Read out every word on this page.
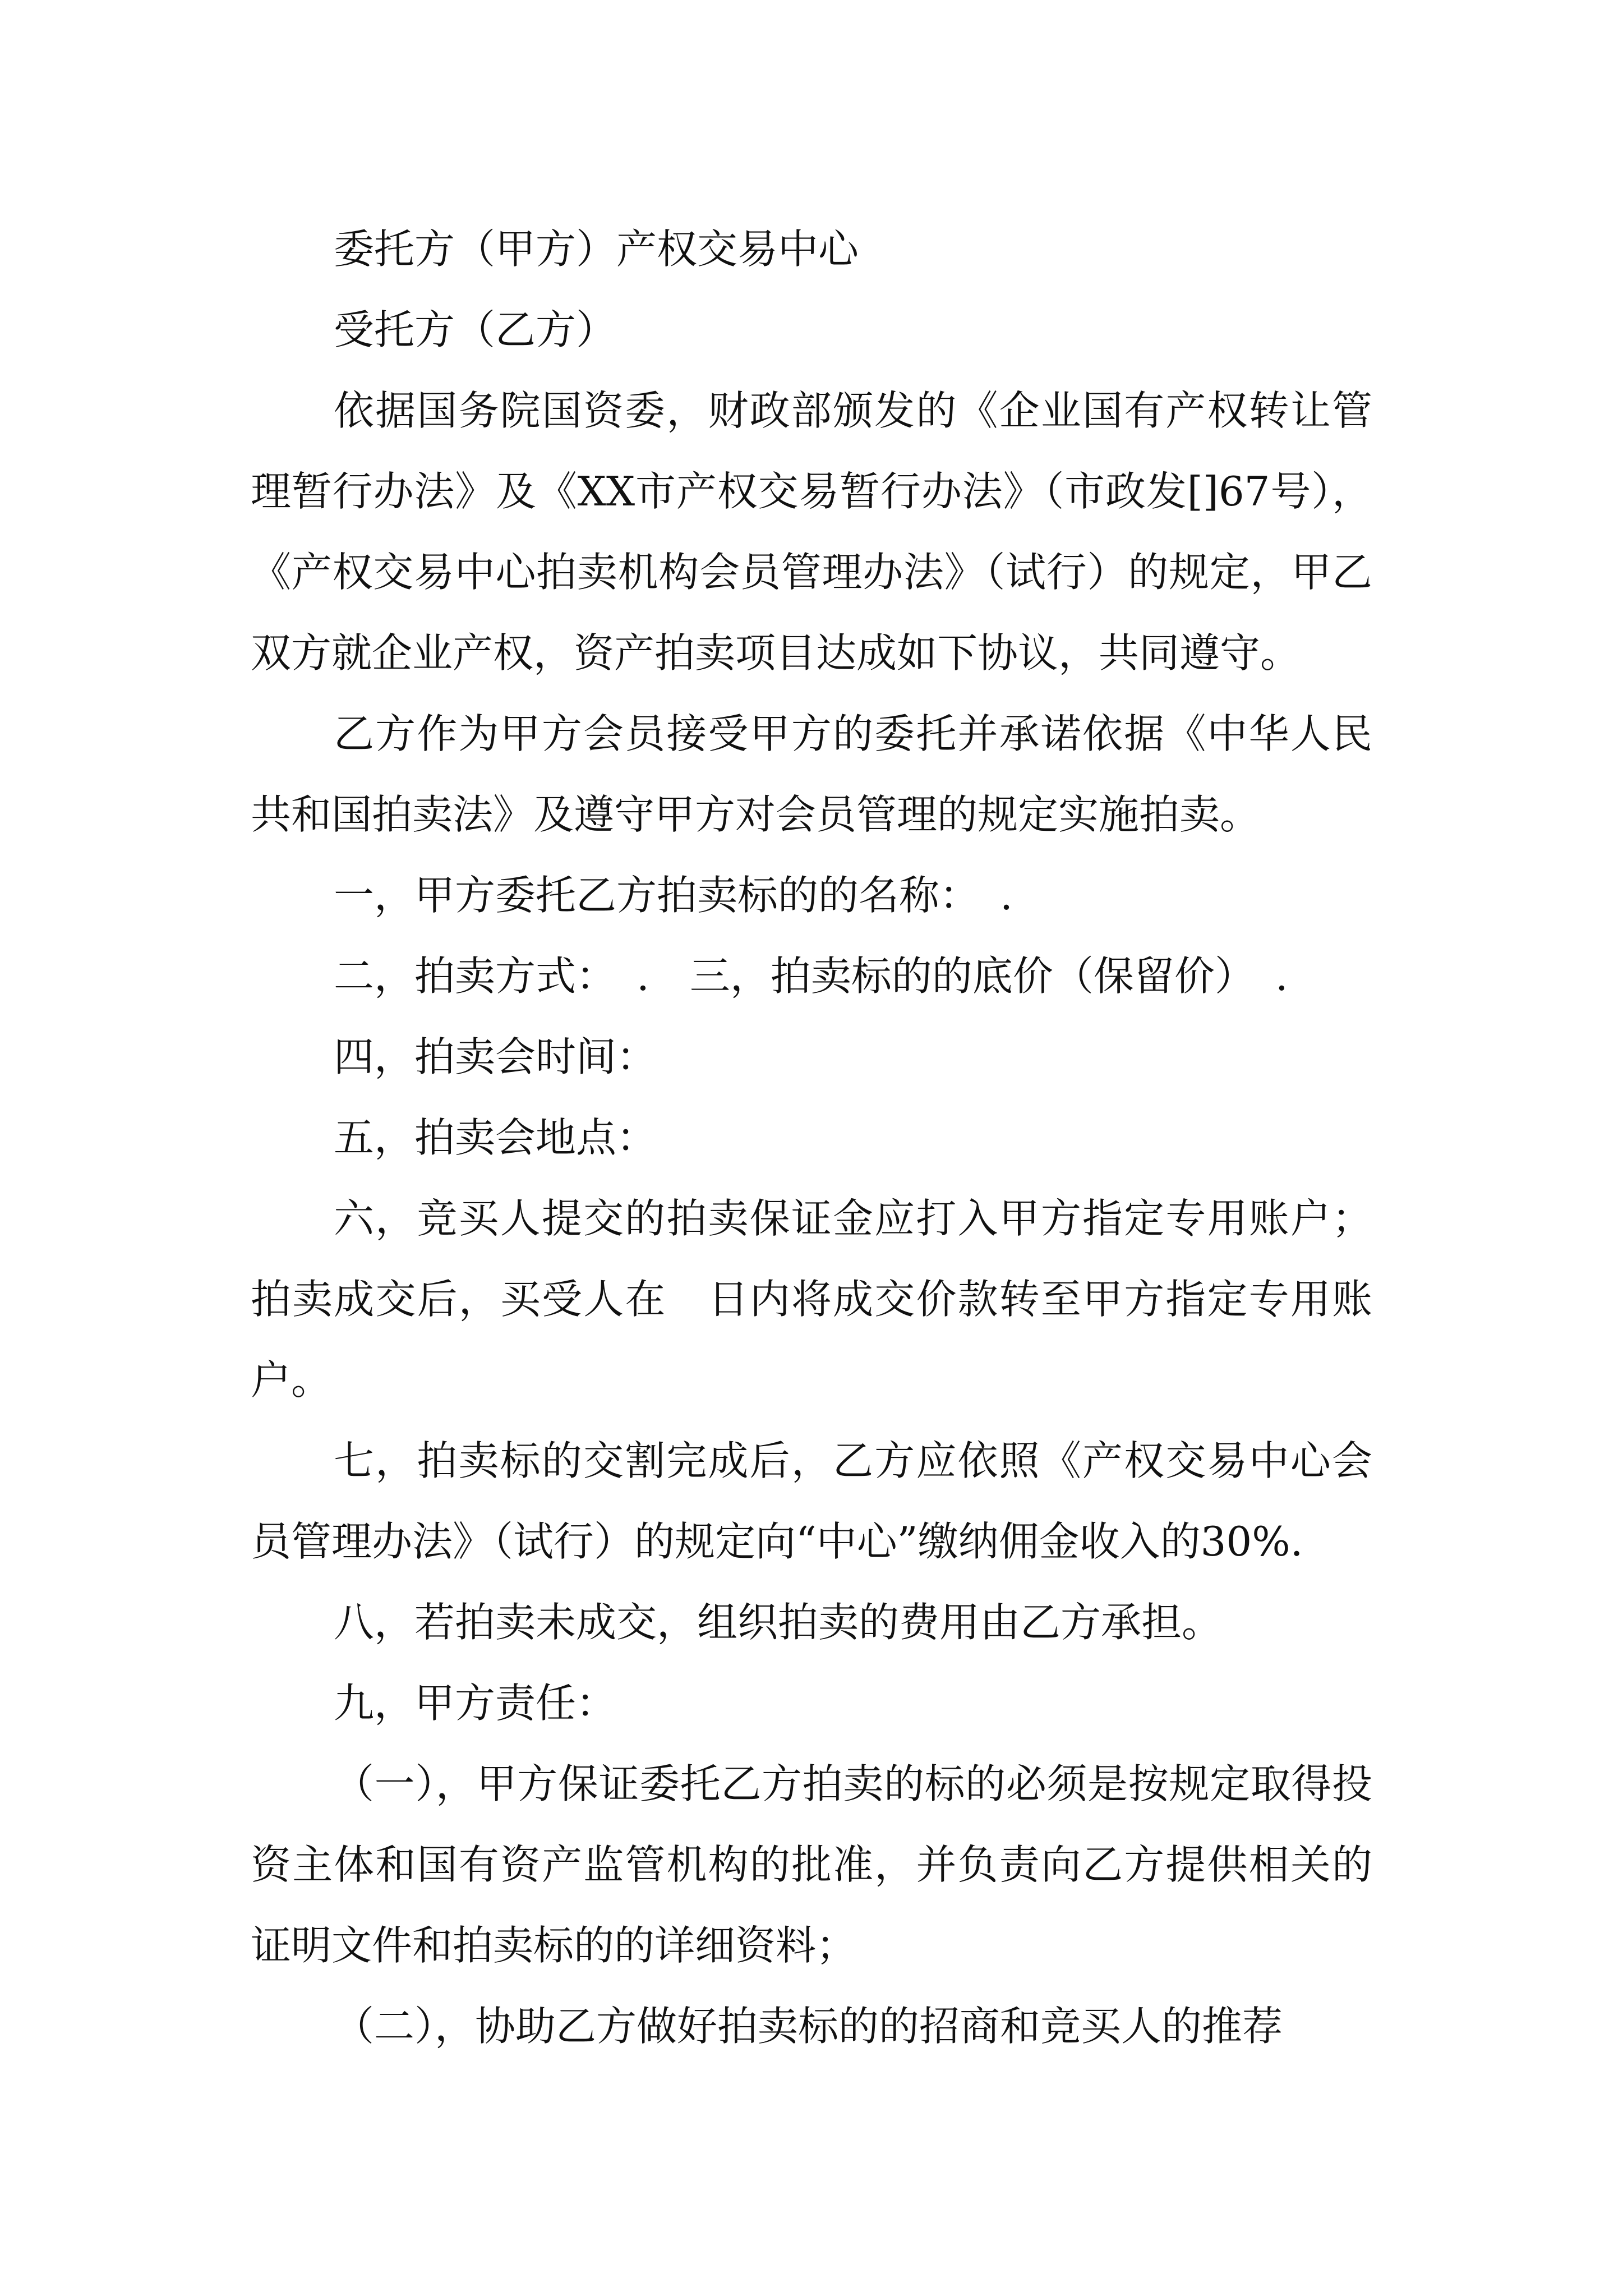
委托方（甲方）产权交易中心

受托方（乙方）

依据国务院国资委，财政部颁发的《企业国有产权转让管理暂行办法》及《XX市产权交易暂行办法》（市政发[]67号），《产权交易中心拍卖机构会员管理办法》（试行）的规定，甲乙双方就企业产权，资产拍卖项目达成如下协议，共同遵守。

乙方作为甲方会员接受甲方的委托并承诺依据《中华人民共和国拍卖法》及遵守甲方对会员管理的规定实施拍卖。

一，甲方委托乙方拍卖标的的名称：　.

二，拍卖方式：　.　三，拍卖标的的底价（保留价）　.

四，拍卖会时间：

五，拍卖会地点：

六，竞买人提交的拍卖保证金应打入甲方指定专用账户；拍卖成交后，买受人在　日内将成交价款转至甲方指定专用账户。

七，拍卖标的交割完成后，乙方应依照《产权交易中心会员管理办法》（试行）的规定向“中心”缴纳佣金收入的30%.

八，若拍卖未成交，组织拍卖的费用由乙方承担。

九，甲方责任：

（一），甲方保证委托乙方拍卖的标的必须是按规定取得投资主体和国有资产监管机构的批准，并负责向乙方提供相关的证明文件和拍卖标的的详细资料；

（二），协助乙方做好拍卖标的的招商和竞买人的推荐
